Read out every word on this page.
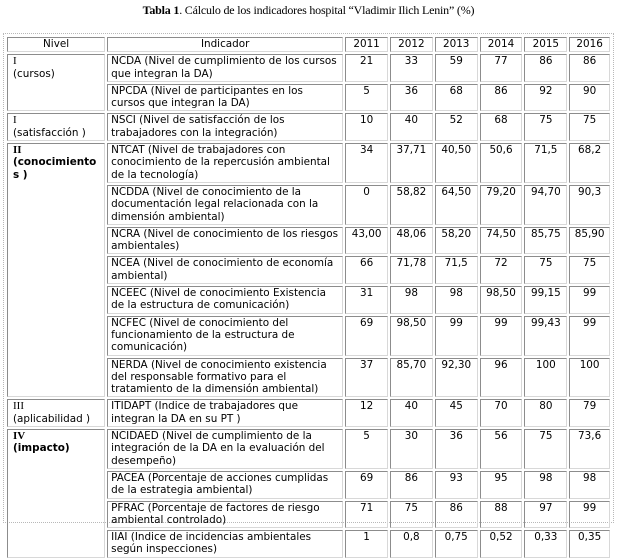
Tabla 1. Cálculo de los indicadores hospital “Vladimir Ilich Lenin” (%)
Nivel	Indicador	2011	2012	2013	2014	2015	2016

I
(cursos)	NCDA (Nivel de cumplimiento de los cursos que integran la DA)	21	33	59	77	86	86
	NPCDA (Nivel de participantes en los cursos que integran la DA)	5	36	68	86	92	90

I
(satisfacción )	NSCI (Nivel de satisfacción de los trabajadores con la integración)	10	40	52	68	75	75

II
(conocimientos )	NTCAT (Nivel de trabajadores con conocimiento de la repercusión ambiental de la tecnología)	34	37,71	40,50	50,6	71,5	68,2
	NCDDA (Nivel de conocimiento de la documentación legal relacionada con la dimensión ambiental)	0	58,82	64,50	79,20	94,70	90,3
	NCRA (Nivel de conocimiento de los riesgos ambientales)	43,00	48,06	58,20	74,50	85,75	85,90
	NCEA (Nivel de conocimiento de economía ambiental)	66	71,78	71,5	72	75	75
	NCEEC (Nivel de conocimiento Existencia de la estructura de comunicación)	31	98	98	98,50	99,15	99
	NCFEC (Nivel de conocimiento del funcionamiento de la estructura de comunicación)	69	98,50	99	99	99,43	99
	NERDA (Nivel de conocimiento existencia del responsable formativo para el tratamiento de la dimensión ambiental)	37	85,70	92,30	96	100	100

III
(aplicabilidad )	ITIDAPT (Indice de trabajadores que integran la DA en su PT )	12	40	45	70	80	79

IV
(impacto)	NCIDAED (Nivel de cumplimiento de la integración de la DA en la evaluación del desempeño)	5	30	36	56	75	73,6
	PACEA (Porcentaje de acciones cumplidas de la estrategia ambiental)	69	86	93	95	98	98
	PFRAC (Porcentaje de factores de riesgo ambiental controlado)	71	75	86	88	97	99
	IIAI (Indice de incidencias ambientales según inspecciones)	1	0,8	0,75	0,52	0,33	0,35
